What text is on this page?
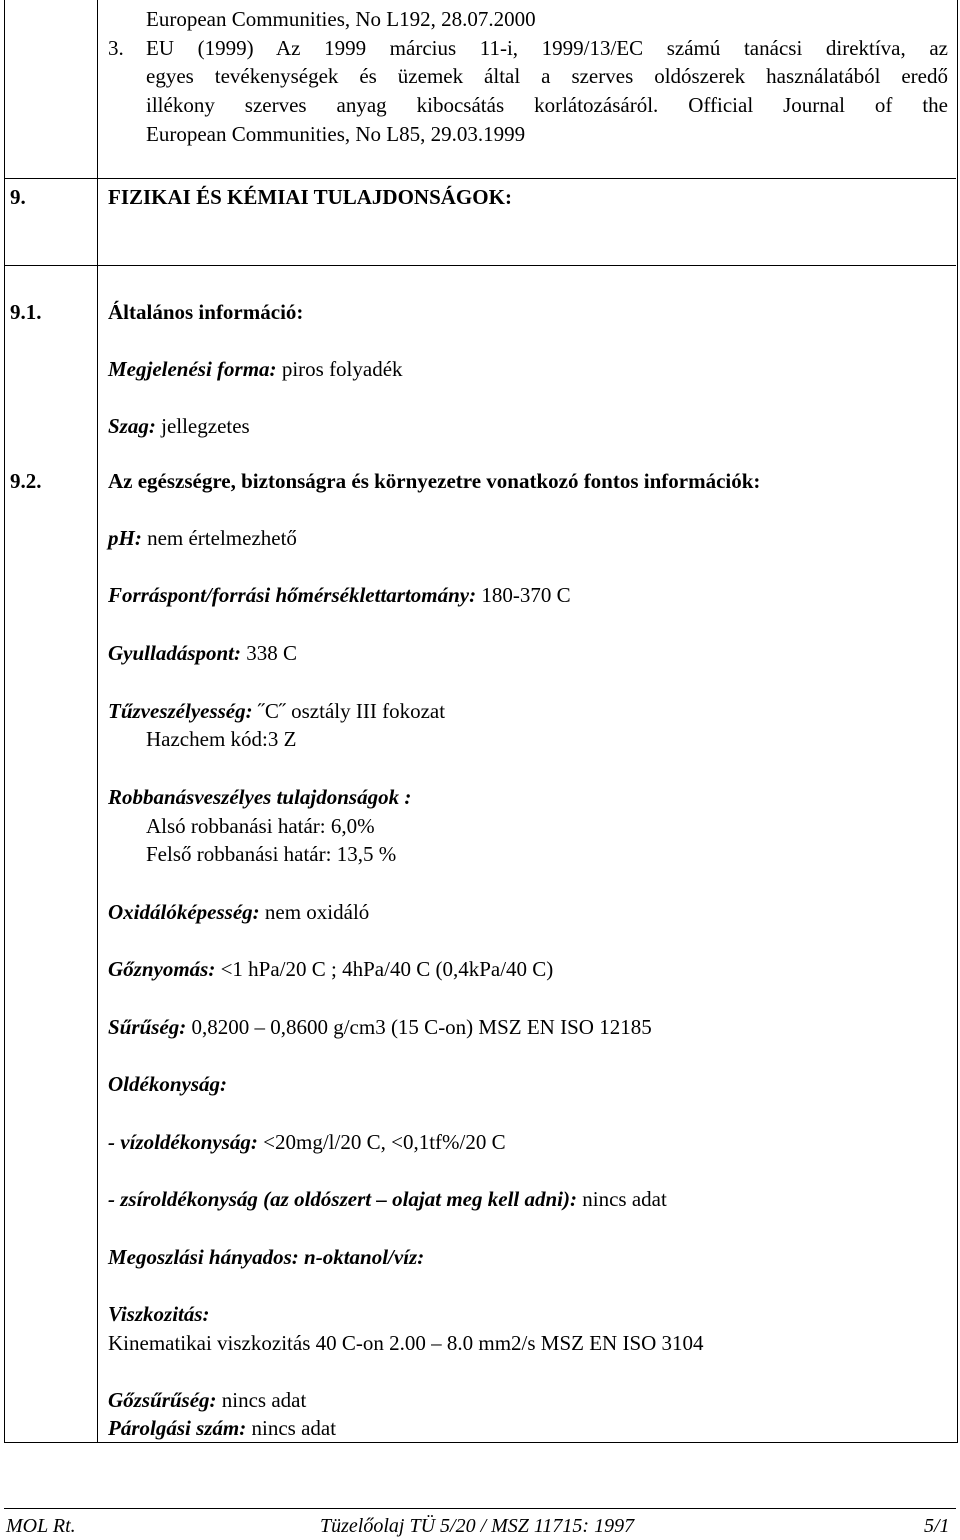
European Communities, No L192, 28.07.2000
3. EU (1999) Az 1999 március 11-i, 1999/13/EC számú tanácsi direktíva, az
egyes tevékenységek és üzemek által a szerves oldószerek használatából eredő
illékony szerves anyag kibocsátás korlátozásáról. Official Journal of the
European Communities, No L85, 29.03.1999
9.	FIZIKAI ÉS KÉMIAI TULAJDONSÁGOK:
9.1.	Általános információ:
Megjelenési forma: piros folyadék
Szag: jellegzetes
9.2.	Az egészségre, biztonságra és környezetre vonatkozó fontos információk:
pH: nem értelmezhető
Forráspont/forrási hőmérséklettartomány: 180-370 C
Gyulladáspont: 338 C
Tűzveszélyesség: ˝C˝ osztály III fokozat
Hazchem kód:3 Z
Robbanásveszélyes tulajdonságok :
Alsó robbanási határ: 6,0%
Felső robbanási határ: 13,5 %
Oxidálóképesség: nem oxidáló
Gőznyomás: <1 hPa/20 C ; 4hPa/40 C (0,4kPa/40 C)
Sűrűség: 0,8200 – 0,8600 g/cm3 (15 C-on) MSZ EN ISO 12185
Oldékonyság:
- vízoldékonyság: <20mg/l/20 C, <0,1tf%/20 C
- zsíroldékonyság (az oldószert – olajat meg kell adni): nincs adat
Megoszlási hányados: n-oktanol/víz:
Viszkozitás:
Kinematikai viszkozitás 40 C-on 2.00 – 8.0 mm2/s MSZ EN ISO 3104
Gőzsűrűség: nincs adat
Párolgási szám: nincs adat
MOL Rt.	Tüzelőolaj TÜ 5/20 / MSZ 11715: 1997	5/1
